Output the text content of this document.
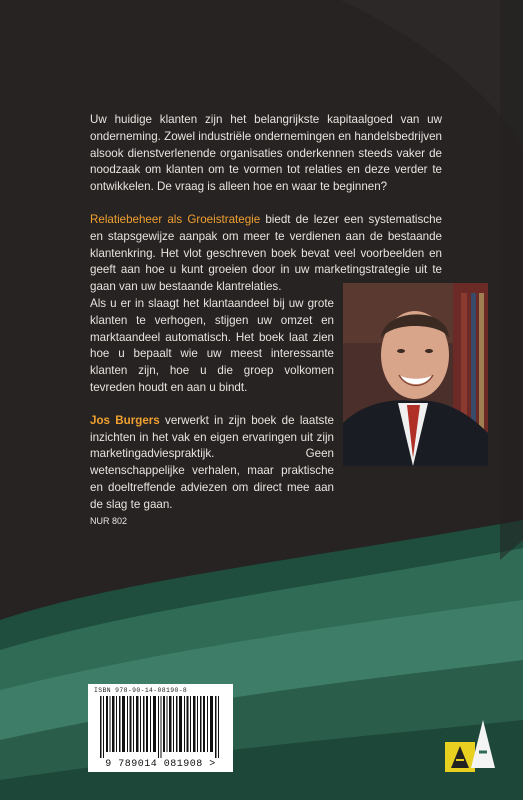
Uw huidige klanten zijn het belangrijkste kapitaalgoed van uw onderneming. Zowel industriële ondernemingen en handelsbedrijven alsook dienstverlenende organisaties onderkennen steeds vaker de noodzaak om klanten om te vormen tot relaties en deze verder te ontwikkelen. De vraag is alleen hoe en waar te beginnen?

Relatiebeheer als Groeistrategie biedt de lezer een systematische en stapsgewijze aanpak om meer te verdienen aan de bestaande klantenkring. Het vlot geschreven boek bevat veel voorbeelden en geeft aan hoe u kunt groeien door in uw marketingstrategie uit te gaan van uw bestaande klantrelaties.

Als u er in slaagt het klantaandeel bij uw grote klanten te verhogen, stijgen uw omzet en marktaandeel automatisch. Het boek laat zien hoe u bepaalt wie uw meest interessante klanten zijn, hoe u die groep volkomen tevreden houdt en aan u bindt.

Jos Burgers verwerkt in zijn boek de laatste inzichten in het vak en eigen ervaringen uit zijn marketingadviespraktijk. Geen wetenschappelijke verhalen, maar praktische en doeltreffende adviezen om direct mee aan de slag te gaan.

NUR 802
ISBN 978-90-14-08190-8
9 789014 081908 >
